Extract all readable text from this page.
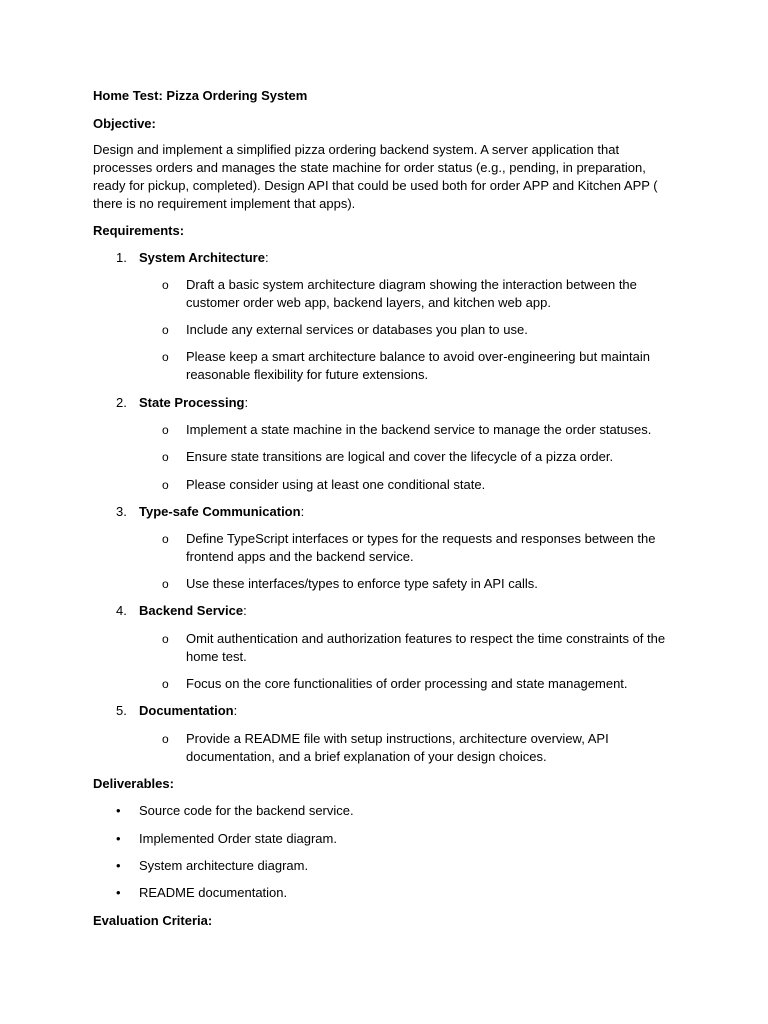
Home Test: Pizza Ordering System
Objective:
Design and implement a simplified pizza ordering backend system. A server application that processes orders and manages the state machine for order status (e.g., pending, in preparation, ready for pickup, completed). Design API that could be used both for order APP and Kitchen APP ( there is no requirement implement that apps).
Requirements:
1. System Architecture:
o Draft a basic system architecture diagram showing the interaction between the customer order web app, backend layers, and kitchen web app.
o Include any external services or databases you plan to use.
o Please keep a smart architecture balance to avoid over-engineering but maintain reasonable flexibility for future extensions.
2. State Processing:
o Implement a state machine in the backend service to manage the order statuses.
o Ensure state transitions are logical and cover the lifecycle of a pizza order.
o Please consider using at least one conditional state.
3. Type-safe Communication:
o Define TypeScript interfaces or types for the requests and responses between the frontend apps and the backend service.
o Use these interfaces/types to enforce type safety in API calls.
4. Backend Service:
o Omit authentication and authorization features to respect the time constraints of the home test.
o Focus on the core functionalities of order processing and state management.
5. Documentation:
o Provide a README file with setup instructions, architecture overview, API documentation, and a brief explanation of your design choices.
Deliverables:
• Source code for the backend service.
• Implemented Order state diagram.
• System architecture diagram.
• README documentation.
Evaluation Criteria:
